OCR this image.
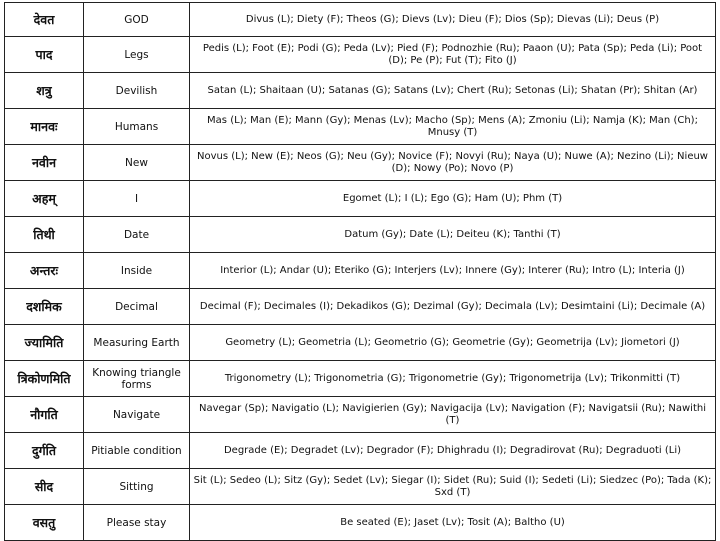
देवत	GOD	Divus (L); Diety (F); Theos (G); Dievs (Lv); Dieu (F); Dios (Sp); Dievas (Li); Deus (P)
पाद	Legs	Pedis (L); Foot (E); Podi (G); Peda (Lv); Pied (F); Podnozhie (Ru); Paaon (U); Pata (Sp); Peda (Li); Poot (D); Pe (P); Fut (T); Fito (J)
शत्रु	Devilish	Satan (L); Shaitaan (U); Satanas (G); Satans (Lv); Chert (Ru); Setonas (Li); Shatan (Pr); Shitan (Ar)
मानवः	Humans	Mas (L); Man (E); Mann (Gy); Menas (Lv); Macho (Sp); Mens (A); Zmoniu (Li); Namja (K); Man (Ch); Mnusy (T)
नवीन	New	Novus (L); New (E); Neos (G); Neu (Gy); Novice (F); Novyi (Ru); Naya (U); Nuwe (A); Nezino (Li); Nieuw (D); Nowy (Po); Novo (P)
अहम्	I	Egomet (L); I (L); Ego (G); Ham (U); Phm (T)
तिथी	Date	Datum (Gy); Date (L); Deiteu (K); Tanthi (T)
अन्तरः	Inside	Interior (L); Andar (U); Eteriko (G); Interjers (Lv); Innere (Gy); Interer (Ru); Intro (L); Interia (J)
दशमिक	Decimal	Decimal (F); Decimales (I); Dekadikos (G); Dezimal (Gy); Decimala (Lv); Desimtaini (Li); Decimale (A)
ज्यामिति	Measuring Earth	Geometry (L); Geometria (L); Geometrio (G); Geometrie (Gy); Geometrija (Lv); Jiometori (J)
त्रिकोणमिति	Knowing triangle forms	Trigonometry (L); Trigonometria (G); Trigonometrie (Gy); Trigonometrija (Lv); Trikonmitti (T)
नौगति	Navigate	Navegar (Sp); Navigatio (L); Navigierien (Gy); Navigacija (Lv); Navigation (F); Navigatsii (Ru); Nawithi (T)
दुर्गति	Pitiable condition	Degrade (E); Degradet (Lv); Degrador (F); Dhighradu (I); Degradirovat (Ru); Degraduoti (Li)
सीद	Sitting	Sit (L); Sedeo (L); Sitz (Gy); Sedet (Lv); Siegar (I); Sidet (Ru); Suid (I); Sedeti (Li); Siedzec (Po); Tada (K); Sxd (T)
वसतु	Please stay	Be seated (E); Jaset (Lv); Tosit (A); Baltho (U)
